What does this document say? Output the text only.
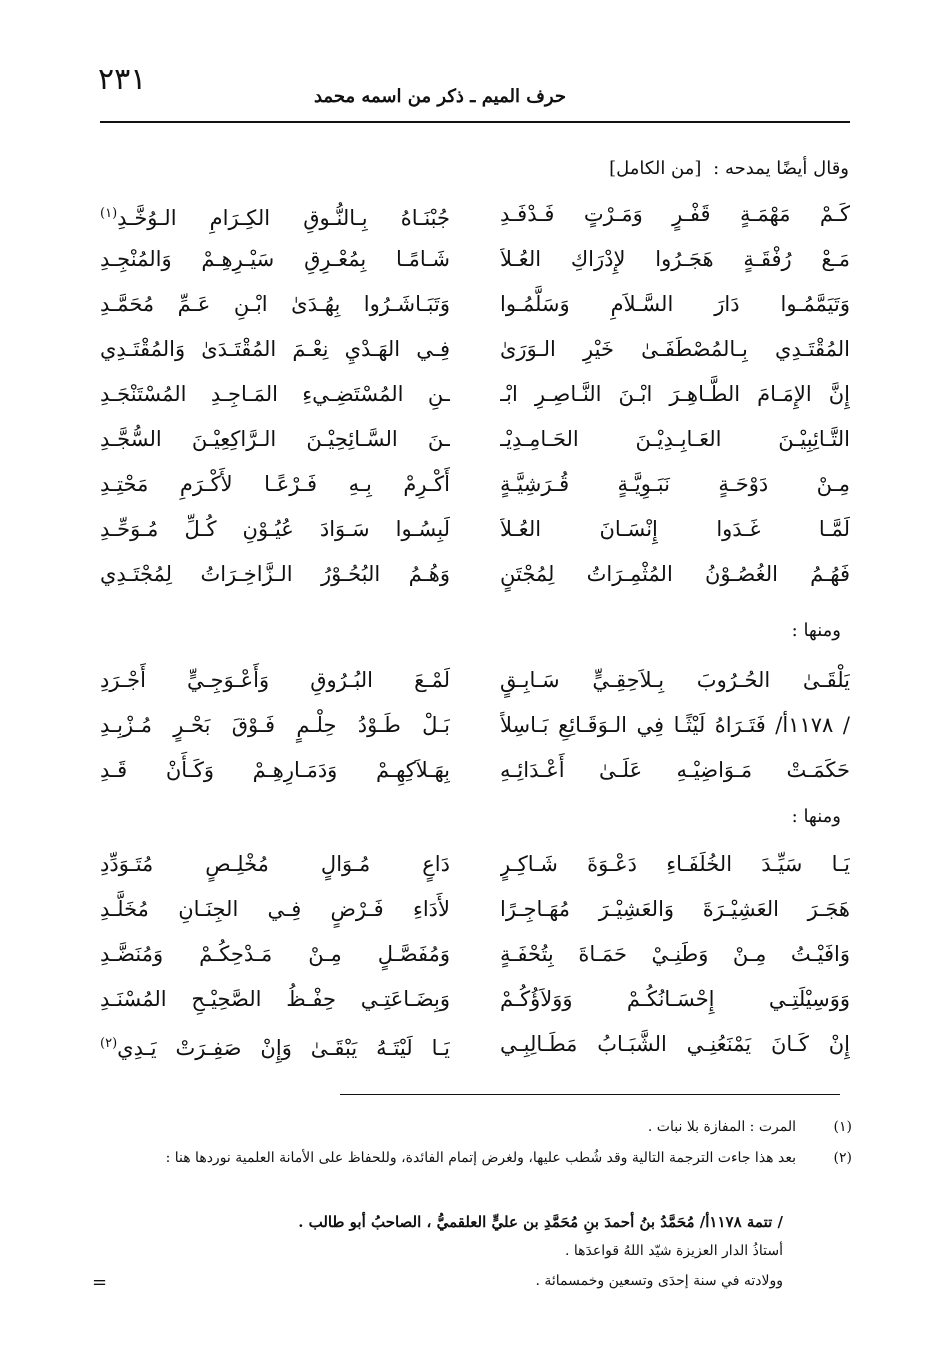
٢٣١	حرف الميم ـ ذكر من اسمه محمد
وقال أيضًا يمدحه : [من الكامل]
كَـمْ مَهْمَـةٍ قَفْـرٍ وَمَـرْتٍ فَـدْفَـدِ
جُبْنَـاهُ بِـالنُّـوقِ الكِـرَامِ الـوُخَّـدِ$^{(١)}$
مَـعْ رُفْقَـةٍ هَجَـرُوا لإِدْرَاكِ العُـلاَ
شَـامًـا بِمُعْـرِقِ سَيْـرِهِـمْ وَالمُنْجِـدِ
وَتَيَمَّمُـوا دَارَ السَّـلاَمِ وَسَلَّمُـوا
وَتَبَـاشَـرُوا بِهُـدَىٰ ابْـنِ عَـمِّ مُحَمَّـدِ
المُقْتَـدِي بِـالمُصْطَفَـىٰ خَيْرِ الـوَرَىٰ
فِـي الهَـدْيِ نِعْـمَ المُقْتَـدَىٰ وَالمُقْتَـدِي
إِنَّ الإِمَـامَ الطَّـاهِـرَ ابْـنَ النَّـاصِـرِ ابْـ
ـنِ المُسْتَضِـيءِ المَـاجِـدِ المُسْتَنْجَـدِ
التَّـائِبِيْـنَ العَـابِـدِيْـنَ الحَـامِـدِيْـ
ـنَ السَّـائِحِيْـنَ الـرَّاكِعِيْـنَ السُّجَّـدِ
مِـنْ دَوْحَـةٍ نَبَـوِيَّـةٍ قُـرَشِيَّـةٍ
أَكْـرِمْ بِـهِ فَـرْعًـا لأَكْـرَمِ مَحْتِـدِ
لَمَّـا غَـدَوا إِنْسَـانَ العُـلاَ
لَبِسُـوا سَـوَادَ عُيُـوْنِ كُـلِّ مُـوَحِّـدِ
فَهُـمُ الغُصُـوْنُ المُثْمِـرَاتُ لِمُجْتَنٍ
وَهُـمُ البُحُـوْرُ الـزَّاخِـرَاتُ لِمُجْتَـدِي
ومنها :
يَلْقَـىٰ الحُـرُوبَ بِـلاَحِقِـيٍّ سَـابِـقٍ
لَمْـعَ البُـرُوقِ وَأَعْـوَجِـيٍّ أَجْـرَدِ
/ ١١٧٨أ/ فَتَـرَاهُ لَيْثًـا فِي الـوَقَـائِعِ بَـاسِلاً
بَـلْ طَـوْدُ حِلْـمٍ فَـوْقَ بَحْـرٍ مُـزْبِـدِ
حَكَمَـتْ مَـوَاضِيْـهِ عَلَـىٰ أَعْـدَائِـهِ
بِهَـلاَكِهِـمْ وَدَمَـارِهِـمْ وَكَـأَنْ قَـدِ
ومنها :
يَـا سَيِّـدَ الخُلَفَـاءِ دَعْـوَةَ شَـاكِـرٍ
دَاعٍ مُـوَالٍ مُخْلِـصٍ مُتَـوَدِّدِ
هَجَـرَ العَشِيْـرَةَ وَالعَشِيْـرَ مُهَـاجِـرًا
لأَدَاءِ فَـرْضٍ فِـي الجِنَـانِ مُخَلَّـدِ
وَافَيْـتُ مِـنْ وَطَنِـيْ حَمَـاةَ بِتُحْفَـةٍ
وَمُفَصَّـلٍ مِـنْ مَـدْحِكُـمْ وَمُنَضَّـدِ
وَوَسِيْلَتِـي إِحْسَـانُكُـمْ وَوَلاَؤُكُـمْ
وَبِضَـاعَتِـي حِفْـظُ الصَّحِيْـحِ المُسْنَـدِ
إِنْ كَـانَ يَمْنَعُنِـي الشَّبَـابُ مَطَـالِبِـي
يَـا لَيْتَـهُ يَبْقَـىٰ وَإِنْ صَفِـرَتْ يَـدِي$^{(٢)}$
(١)
المرت : المفازة بلا نبات .
(٢)
بعد هذا جاءت الترجمة التالية وقد شُطب عليها، ولغرض إتمام الفائدة، وللحفاظ على الأمانة العلمية نوردها هنا :
/ تتمة ١١٧٨أ/ مُحَمَّدُ بنُ أحمدَ بنِ مُحَمَّدِ بن عليٍّ العلقميُّ ، الصاحبُ أبو طالب .
أستاذُ الدار العزيزة شيّد اللهُ قواعدَها .
وولادته في سنة إحدَى وتسعين وخمسمائة .
=
